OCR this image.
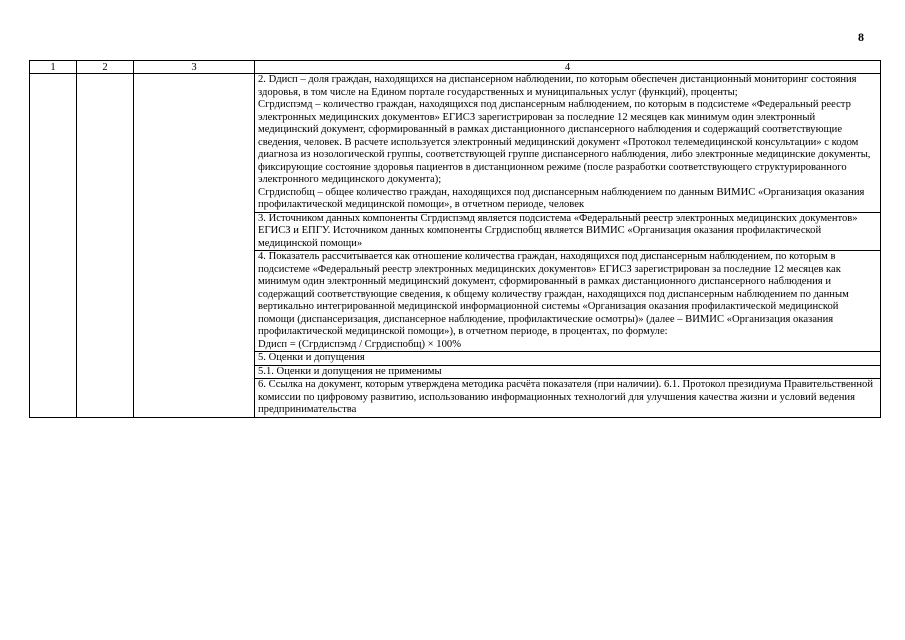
8
1	2	3	4

			2. Dдисп – доля граждан, находящихся на диспансерном наблюдении, по которым обеспечен дистанционный мониторинг состояния здоровья, в том числе на Едином портале государственных и муниципальных услуг (функций), проценты;

Сгрдиспэмд – количество граждан, находящихся под диспансерным наблюдением, по которым в подсистеме «Федеральный реестр электронных медицинских документов» ЕГИСЗ зарегистрирован за последние 12 месяцев как минимум один электронный медицинский документ, сформированный в рамках дистанционного диспансерного наблюдения и содержащий соответствующие сведения, человек. В расчете используется электронный медицинский документ «Протокол телемедицинской консультации» с кодом диагноза из нозологической группы, соответствующей группе диспансерного наблюдения, либо электронные медицинские документы, фиксирующие состояние здоровья пациентов в дистанционном режиме (после разработки соответствующего структурированного электронного медицинского документа);

Сгрдиспобщ – общее количество граждан, находящихся под диспансерным наблюдением по данным ВИМИС «Организация оказания профилактической медицинской помощи», в отчетном периоде, человек

			3. Источником данных компоненты Сгрдиспэмд является подсистема «Федеральный реестр электронных медицинских документов» ЕГИСЗ и ЕПГУ. Источником данных компоненты Сгрдиспобщ является ВИМИС «Организация оказания профилактической медицинской помощи»

			4. Показатель рассчитывается как отношение количества граждан, находящихся под диспансерным наблюдением, по которым в подсистеме «Федеральный реестр электронных медицинских документов» ЕГИСЗ зарегистрирован за последние 12 месяцев как минимум один электронный медицинский документ, сформированный в рамках дистанционного диспансерного наблюдения и содержащий соответствующие сведения, к общему количеству граждан, находящихся под диспансерным наблюдением по данным вертикально интегрированной медицинской информационной системы «Организация оказания профилактической медицинской помощи (диспансеризация, диспансерное наблюдение, профилактические осмотры)» (далее – ВИМИС «Организация оказания профилактической медицинской помощи»), в отчетном периоде, в процентах, по формуле:

Dдисп = (Сгрдиспэмд / Сгрдиспобщ) × 100%

			5. Оценки и допущения

			5.1. Оценки и допущения не применимы

			6. Ссылка на документ, которым утверждена методика расчёта показателя (при наличии). 6.1. Протокол президиума Правительственной комиссии по цифровому развитию, использованию информационных технологий для улучшения качества жизни и условий ведения предпринимательства
